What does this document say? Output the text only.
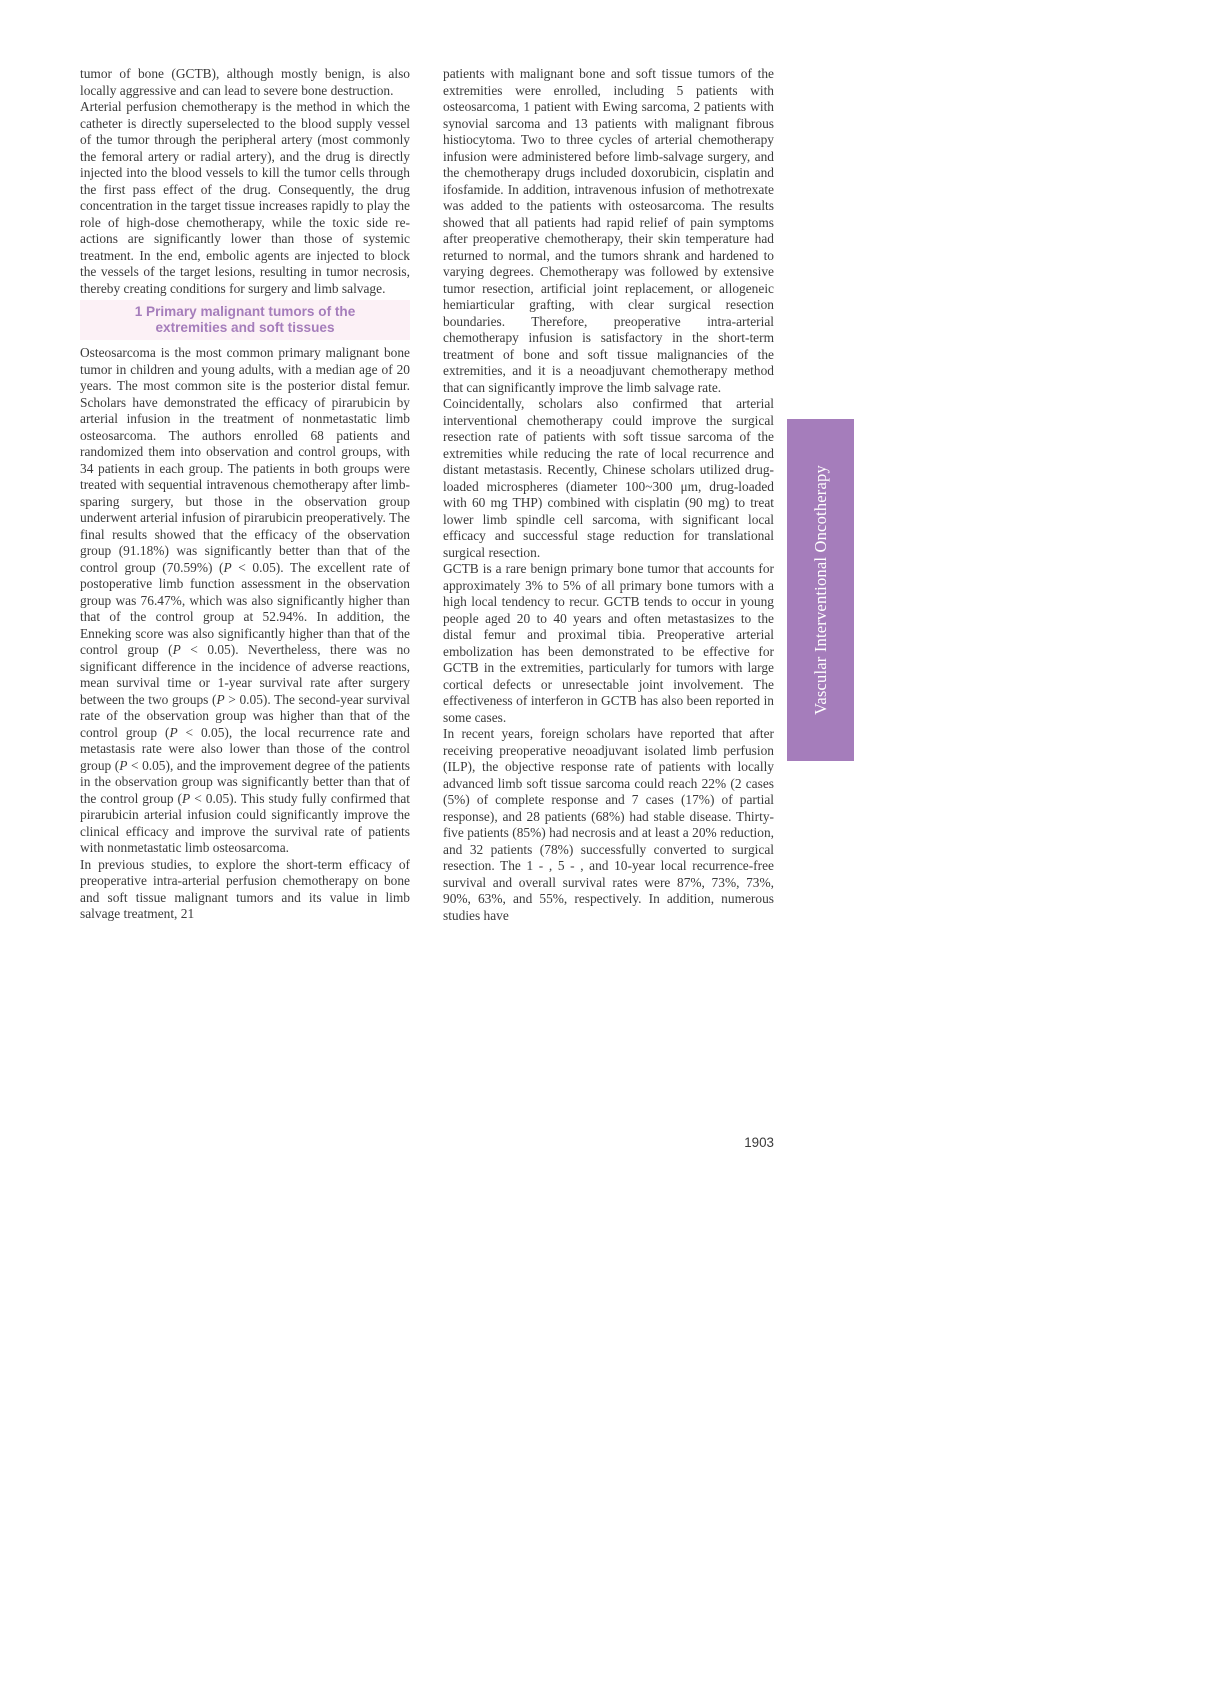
tumor of bone (GCTB), although mostly benign, is also locally aggressive and can lead to severe bone destruction.

Arterial perfusion chemotherapy is the method in which the catheter is directly superselected to the blood supply vessel of the tumor through the peripheral artery (most commonly the femoral artery or radial artery), and the drug is directly injected into the blood vessels to kill the tumor cells through the first pass effect of the drug. Consequently, the drug concentration in the target tissue increases rapidly to play the role of high-dose chemotherapy, while the toxic side reactions are significantly lower than those of systemic treatment. In the end, embolic agents are injected to block the vessels of the target lesions, resulting in tumor necrosis, thereby creating conditions for surgery and limb salvage.

1 Primary malignant tumors of the
extremities and soft tissues

Osteosarcoma is the most common primary malignant bone tumor in children and young adults, with a median age of 20 years. The most common site is the posterior distal femur. Scholars have demonstrated the efficacy of pirarubicin by arterial infusion in the treatment of nonmetastatic limb osteosarcoma. The authors enrolled 68 patients and randomized them into observation and control groups, with 34 patients in each group. The patients in both groups were treated with sequential intravenous chemotherapy after limb-sparing surgery, but those in the observation group underwent arterial infusion of pirarubicin preoperatively. The final results showed that the efficacy of the observation group (91.18%) was significantly better than that of the control group (70.59%) (P < 0.05). The excellent rate of postoperative limb function assessment in the observation group was 76.47%, which was also significantly higher than that of the control group at 52.94%. In addition, the Enneking score was also significantly higher than that of the control group (P < 0.05). Nevertheless, there was no significant difference in the incidence of adverse reactions, mean survival time or 1-year survival rate after surgery between the two groups (P > 0.05). The second-year survival rate of the observation group was higher than that of the control group (P < 0.05), the local recurrence rate and metastasis rate were also lower than those of the control group (P < 0.05), and the improvement degree of the patients in the observation group was significantly better than that of the control group (P < 0.05). This study fully confirmed that pirarubicin arterial infusion could significantly improve the clinical efficacy and improve the survival rate of patients with nonmetastatic limb osteosarcoma.

In previous studies, to explore the short-term efficacy of preoperative intra-arterial perfusion chemotherapy on bone and soft tissue malignant tumors and its value in limb salvage treatment, 21

patients with malignant bone and soft tissue tumors of the extremities were enrolled, including 5 patients with osteosarcoma, 1 patient with Ewing sarcoma, 2 patients with synovial sarcoma and 13 patients with malignant fibrous histiocytoma. Two to three cycles of arterial chemotherapy infusion were administered before limb-salvage surgery, and the chemotherapy drugs included doxorubicin, cisplatin and ifosfamide. In addition, intravenous infusion of methotrexate was added to the patients with osteosarcoma. The results showed that all patients had rapid relief of pain symptoms after preoperative chemotherapy, their skin temperature had returned to normal, and the tumors shrank and hardened to varying degrees. Chemotherapy was followed by extensive tumor resection, artificial joint replacement, or allogeneic hemiarticular grafting, with clear surgical resection boundaries. Therefore, preoperative intra-arterial chemotherapy infusion is satisfactory in the short-term treatment of bone and soft tissue malignancies of the extremities, and it is a neoadjuvant chemotherapy method that can significantly improve the limb salvage rate.

Coincidentally, scholars also confirmed that arterial interventional chemotherapy could improve the surgical resection rate of patients with soft tissue sarcoma of the extremities while reducing the rate of local recurrence and distant metastasis. Recently, Chinese scholars utilized drug-loaded microspheres (diameter 100~300 μm, drug-loaded with 60 mg THP) combined with cisplatin (90 mg) to treat lower limb spindle cell sarcoma, with significant local efficacy and successful stage reduction for translational surgical resection.

GCTB is a rare benign primary bone tumor that accounts for approximately 3% to 5% of all primary bone tumors with a high local tendency to recur. GCTB tends to occur in young people aged 20 to 40 years and often metastasizes to the distal femur and proximal tibia. Preoperative arterial embolization has been demonstrated to be effective for GCTB in the extremities, particularly for tumors with large cortical defects or unresectable joint involvement. The effectiveness of interferon in GCTB has also been reported in some cases.

In recent years, foreign scholars have reported that after receiving preoperative neoadjuvant isolated limb perfusion (ILP), the objective response rate of patients with locally advanced limb soft tissue sarcoma could reach 22% (2 cases (5%) of complete response and 7 cases (17%) of partial response), and 28 patients (68%) had stable disease. Thirty-five patients (85%) had necrosis and at least a 20% reduction, and 32 patients (78%) successfully converted to surgical resection. The 1 - , 5 - , and 10-year local recurrence-free survival and overall survival rates were 87%, 73%, 73%, 90%, 63%, and 55%, respectively. In addition, numerous studies have

Vascular Interventional Oncotherapy
1903
